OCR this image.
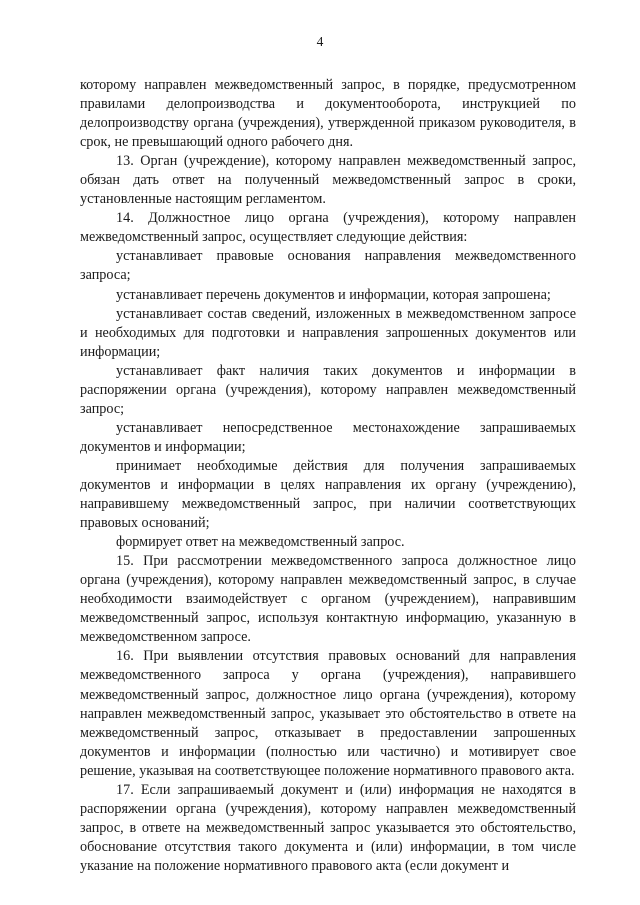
4

которому направлен межведомственный запрос, в порядке, предусмотренном правилами делопроизводства и документооборота, инструкцией по делопроизводству органа (учреждения), утвержденной приказом руководителя, в срок, не превышающий одного рабочего дня.

13. Орган (учреждение), которому направлен межведомственный запрос, обязан дать ответ на полученный межведомственный запрос в сроки, установленные настоящим регламентом.

14. Должностное лицо органа (учреждения), которому направлен межведомственный запрос, осуществляет следующие действия:

устанавливает правовые основания направления межведомственного запроса;

устанавливает перечень документов и информации, которая запрошена;

устанавливает состав сведений, изложенных в межведомственном запросе и необходимых для подготовки и направления запрошенных документов или информации;

устанавливает факт наличия таких документов и информации в распоряжении органа (учреждения), которому направлен межведомственный запрос;

устанавливает непосредственное местонахождение запрашиваемых документов и информации;

принимает необходимые действия для получения запрашиваемых документов и информации в целях направления их органу (учреждению), направившему межведомственный запрос, при наличии соответствующих правовых оснований;

формирует ответ на межведомственный запрос.

15. При рассмотрении межведомственного запроса должностное лицо органа (учреждения), которому направлен межведомственный запрос, в случае необходимости взаимодействует с органом (учреждением), направившим межведомственный запрос, используя контактную информацию, указанную в межведомственном запросе.

16. При выявлении отсутствия правовых оснований для направления межведомственного запроса у органа (учреждения), направившего межведомственный запрос, должностное лицо органа (учреждения), которому направлен межведомственный запрос, указывает это обстоятельство в ответе на межведомственный запрос, отказывает в предоставлении запрошенных документов и информации (полностью или частично) и мотивирует свое решение, указывая на соответствующее положение нормативного правового акта.

17. Если запрашиваемый документ и (или) информация не находятся в распоряжении органа (учреждения), которому направлен межведомственный запрос, в ответе на межведомственный запрос указывается это обстоятельство, обоснование отсутствия такого документа и (или) информации, в том числе указание на положение нормативного правового акта (если документ и
